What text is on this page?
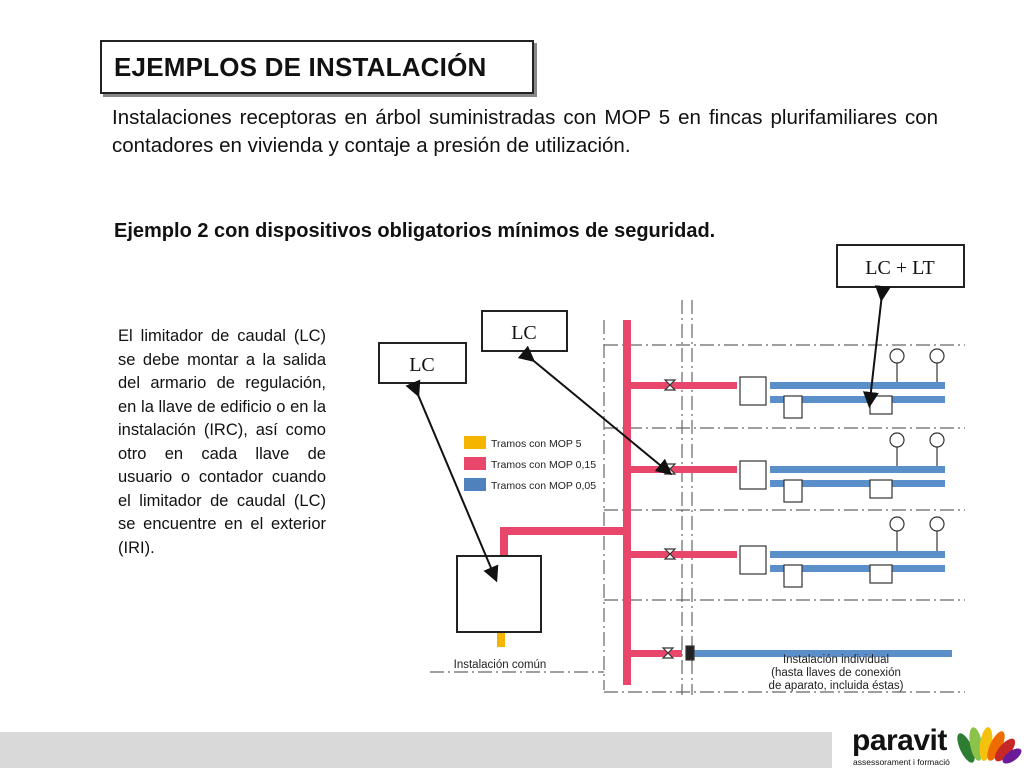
EJEMPLOS DE INSTALACIÓN
Instalaciones receptoras en árbol suministradas con MOP 5 en fincas plurifamiliares con contadores en vivienda y contaje a presión de utilización.
Ejemplo 2 con dispositivos obligatorios mínimos de seguridad.
El limitador de caudal (LC) se debe montar a la salida del armario de regulación, en la llave de edificio o en la instalación (IRC), así como otro en cada llave de usuario o contador cuando el limitador de caudal (LC) se encuentre en el exterior (IRI).
Tramos con MOP 5
Tramos con MOP 0,15
Tramos con MOP 0,05
LC
LC
LC + LT
Instalación común	Instalación individual
(hasta llaves de conexión
de aparato, incluida éstas)
paravit
assessorament i formació
